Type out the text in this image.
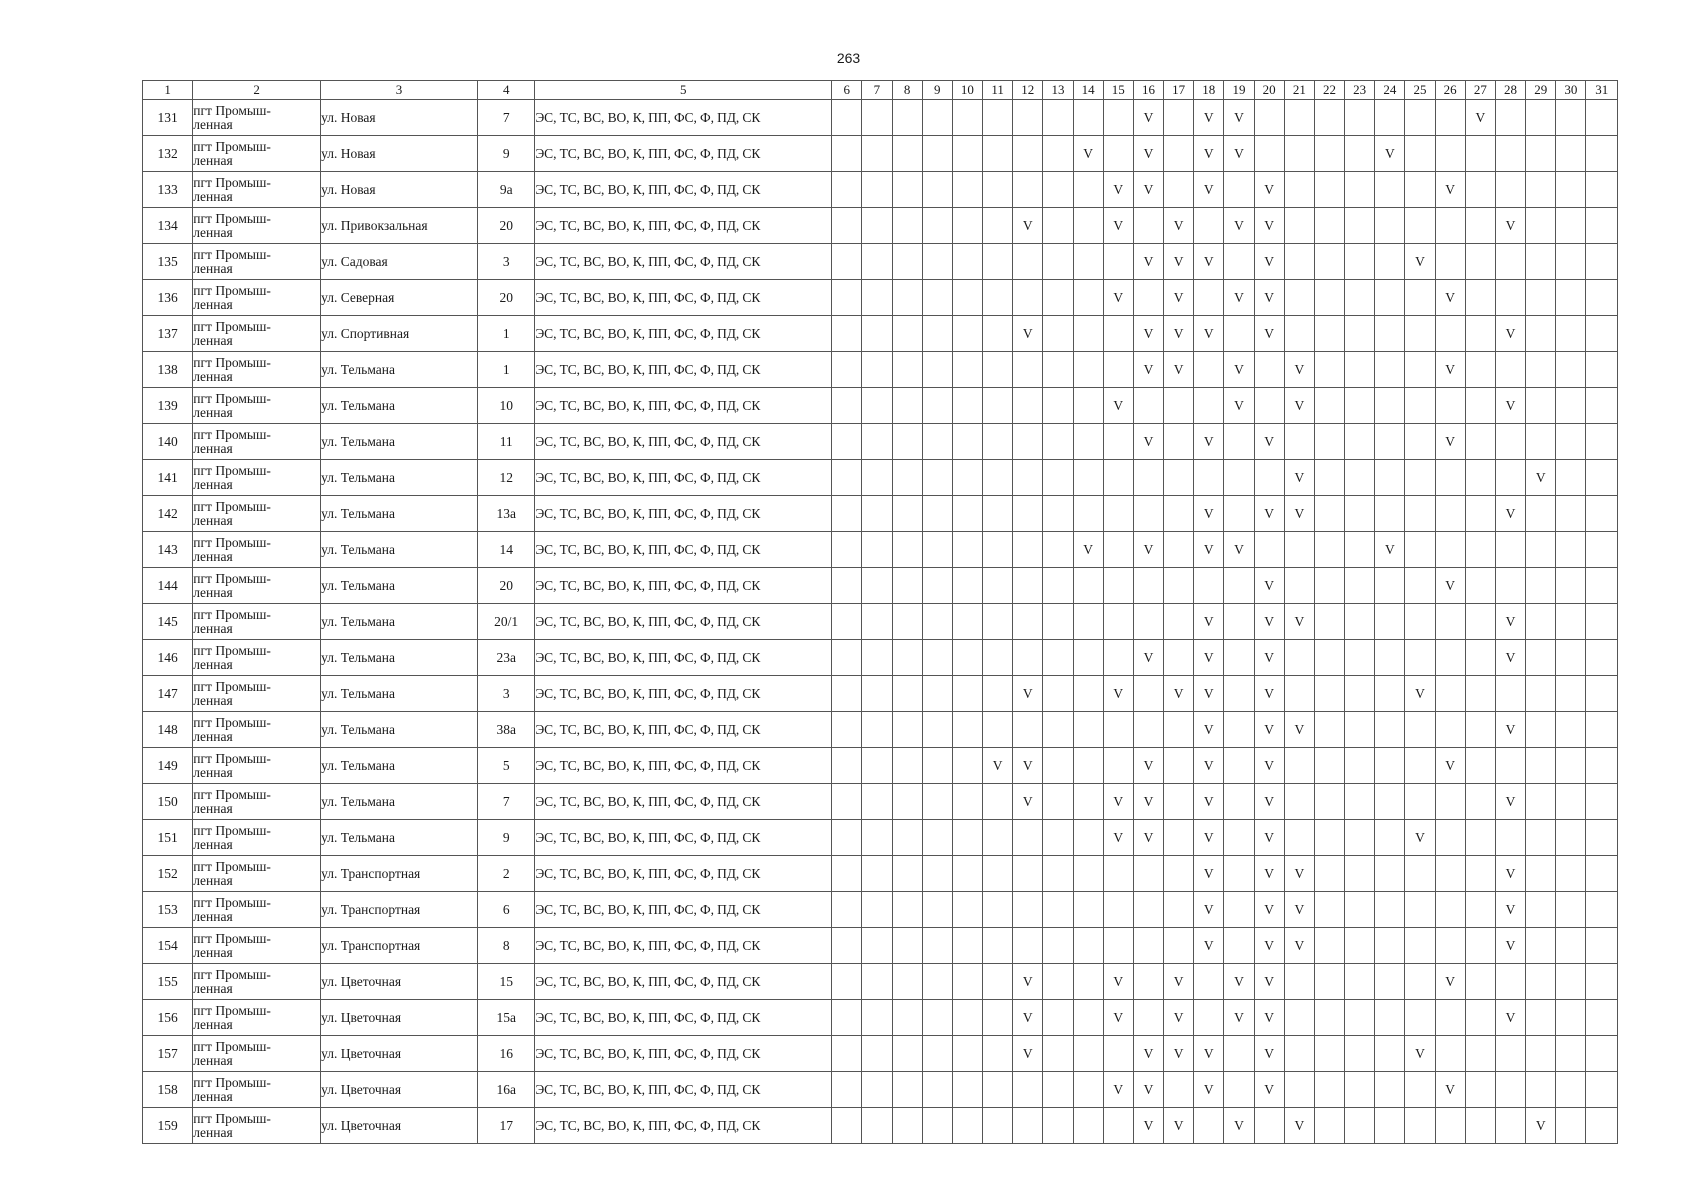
263
1	2	3	4	5	6	7	8	9	10	11	12	13	14	15	16	17	18	19	20	21	22	23	24	25	26	27	28	29	30	31
131	пгт Промыш-
ленная	ул. Новая	7	ЭС, ТС, ВС, ВО, К, ПП, ФС, Ф, ПД, СК											V		V	V								V				
132	пгт Промыш-
ленная	ул. Новая	9	ЭС, ТС, ВС, ВО, К, ПП, ФС, Ф, ПД, СК									V		V		V	V					V							
133	пгт Промыш-
ленная	ул. Новая	9а	ЭС, ТС, ВС, ВО, К, ПП, ФС, Ф, ПД, СК										V	V		V		V						V					
134	пгт Промыш-
ленная	ул. Привокзальная	20	ЭС, ТС, ВС, ВО, К, ПП, ФС, Ф, ПД, СК							V			V		V		V	V								V			
135	пгт Промыш-
ленная	ул. Садовая	3	ЭС, ТС, ВС, ВО, К, ПП, ФС, Ф, ПД, СК											V	V	V		V					V						
136	пгт Промыш-
ленная	ул. Северная	20	ЭС, ТС, ВС, ВО, К, ПП, ФС, Ф, ПД, СК										V		V		V	V						V					
137	пгт Промыш-
ленная	ул. Спортивная	1	ЭС, ТС, ВС, ВО, К, ПП, ФС, Ф, ПД, СК							V				V	V	V		V								V			
138	пгт Промыш-
ленная	ул. Тельмана	1	ЭС, ТС, ВС, ВО, К, ПП, ФС, Ф, ПД, СК											V	V		V		V					V					
139	пгт Промыш-
ленная	ул. Тельмана	10	ЭС, ТС, ВС, ВО, К, ПП, ФС, Ф, ПД, СК										V				V		V							V			
140	пгт Промыш-
ленная	ул. Тельмана	11	ЭС, ТС, ВС, ВО, К, ПП, ФС, Ф, ПД, СК											V		V		V						V					
141	пгт Промыш-
ленная	ул. Тельмана	12	ЭС, ТС, ВС, ВО, К, ПП, ФС, Ф, ПД, СК																V								V		
142	пгт Промыш-
ленная	ул. Тельмана	13а	ЭС, ТС, ВС, ВО, К, ПП, ФС, Ф, ПД, СК													V		V	V							V			
143	пгт Промыш-
ленная	ул. Тельмана	14	ЭС, ТС, ВС, ВО, К, ПП, ФС, Ф, ПД, СК									V		V		V	V					V							
144	пгт Промыш-
ленная	ул. Тельмана	20	ЭС, ТС, ВС, ВО, К, ПП, ФС, Ф, ПД, СК															V						V					
145	пгт Промыш-
ленная	ул. Тельмана	20/1	ЭС, ТС, ВС, ВО, К, ПП, ФС, Ф, ПД, СК													V		V	V							V			
146	пгт Промыш-
ленная	ул. Тельмана	23а	ЭС, ТС, ВС, ВО, К, ПП, ФС, Ф, ПД, СК											V		V		V								V			
147	пгт Промыш-
ленная	ул. Тельмана	3	ЭС, ТС, ВС, ВО, К, ПП, ФС, Ф, ПД, СК							V			V		V	V		V					V						
148	пгт Промыш-
ленная	ул. Тельмана	38а	ЭС, ТС, ВС, ВО, К, ПП, ФС, Ф, ПД, СК													V		V	V							V			
149	пгт Промыш-
ленная	ул. Тельмана	5	ЭС, ТС, ВС, ВО, К, ПП, ФС, Ф, ПД, СК						V	V				V		V		V						V					
150	пгт Промыш-
ленная	ул. Тельмана	7	ЭС, ТС, ВС, ВО, К, ПП, ФС, Ф, ПД, СК							V			V	V		V		V								V			
151	пгт Промыш-
ленная	ул. Тельмана	9	ЭС, ТС, ВС, ВО, К, ПП, ФС, Ф, ПД, СК										V	V		V		V					V						
152	пгт Промыш-
ленная	ул. Транспортная	2	ЭС, ТС, ВС, ВО, К, ПП, ФС, Ф, ПД, СК													V		V	V							V			
153	пгт Промыш-
ленная	ул. Транспортная	6	ЭС, ТС, ВС, ВО, К, ПП, ФС, Ф, ПД, СК													V		V	V							V			
154	пгт Промыш-
ленная	ул. Транспортная	8	ЭС, ТС, ВС, ВО, К, ПП, ФС, Ф, ПД, СК													V		V	V							V			
155	пгт Промыш-
ленная	ул. Цветочная	15	ЭС, ТС, ВС, ВО, К, ПП, ФС, Ф, ПД, СК							V			V		V		V	V						V					
156	пгт Промыш-
ленная	ул. Цветочная	15а	ЭС, ТС, ВС, ВО, К, ПП, ФС, Ф, ПД, СК							V			V		V		V	V								V			
157	пгт Промыш-
ленная	ул. Цветочная	16	ЭС, ТС, ВС, ВО, К, ПП, ФС, Ф, ПД, СК							V				V	V	V		V					V						
158	пгт Промыш-
ленная	ул. Цветочная	16а	ЭС, ТС, ВС, ВО, К, ПП, ФС, Ф, ПД, СК										V	V		V		V						V					
159	пгт Промыш-
ленная	ул. Цветочная	17	ЭС, ТС, ВС, ВО, К, ПП, ФС, Ф, ПД, СК											V	V		V		V								V		
